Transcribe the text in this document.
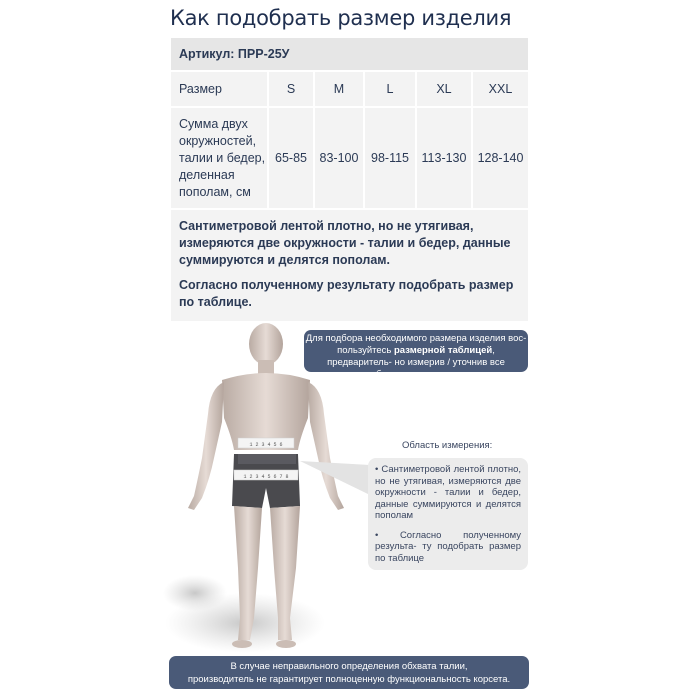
Как подобрать размер изделия
Артикул: ПРР-25У
Размер	S	M	L	XL	XXL
Сумма двух окружностей, талии и бедер, деленная пополам, см	65-85	83-100	98-115	113-130	128-140

Сантиметровой лентой плотно, но не утягивая, измеряются две окружности - талии и бедер, данные суммируются и делятся пополам.

Согласно полученному результату подобрать размер по таблице.

1 2 3 4 5 6
1 2 3 4 5 6 7 8
Для подбора необходимого размера изделия вос- пользуйтесь размерной таблицей, предваритель- но измерив / уточнив все необходимые параметры
Область измерения:

• Сантиметровой лентой плотно, но не утягивая, измеряются две окружности - талии и бедер, данные суммируются и делятся пополам

• Согласно полученному результа- ту подобрать размер по таблице

В случае неправильного определения обхвата талии,
производитель не гарантирует полноценную функциональность корсета.
